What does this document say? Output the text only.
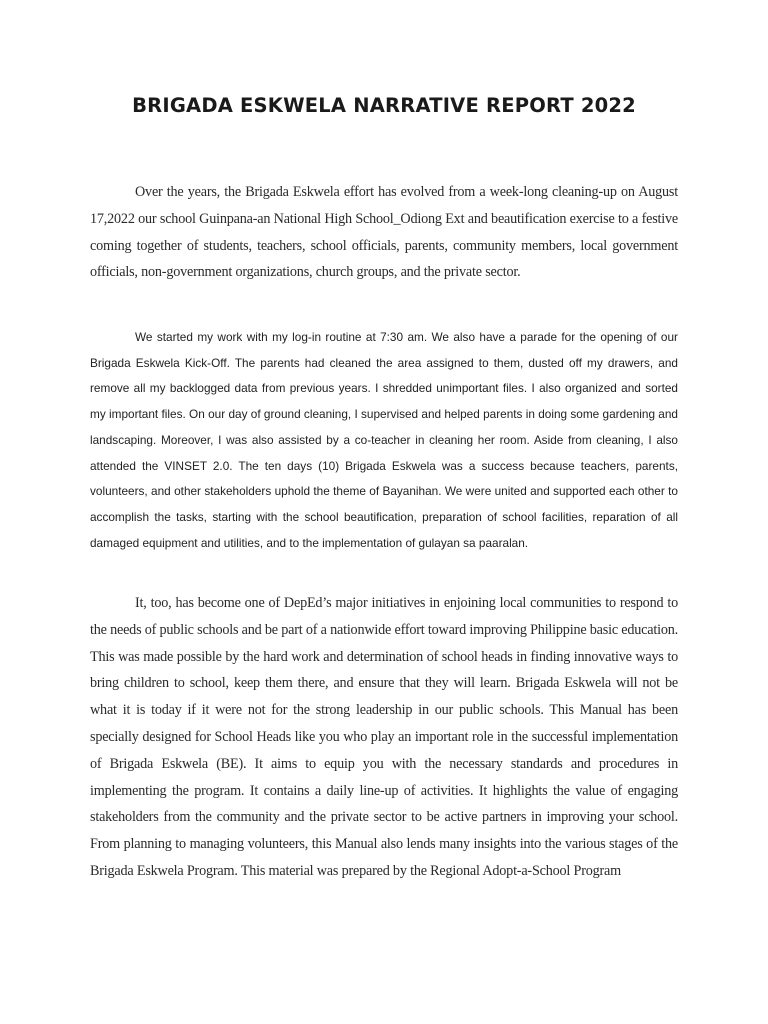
BRIGADA ESKWELA NARRATIVE REPORT 2022

Over the years, the Brigada Eskwela effort has evolved from a week-long cleaning-up on August 17,2022 our school Guinpana-an National High School_Odiong Ext and beautification exercise to a festive coming together of students, teachers, school officials, parents, community members, local government officials, non-government organizations, church groups, and the private sector.

We started my work with my log-in routine at 7:30 am. We also have a parade for the opening of our Brigada Eskwela Kick-Off. The parents had cleaned the area assigned to them, dusted off my drawers, and remove all my backlogged data from previous years. I shredded unimportant files. I also organized and sorted my important files. On our day of ground cleaning, I supervised and helped parents in doing some gardening and landscaping. Moreover, I was also assisted by a co-teacher in cleaning her room. Aside from cleaning, I also attended the VINSET 2.0. The ten days (10) Brigada Eskwela was a success because teachers, parents, volunteers, and other stakeholders uphold the theme of Bayanihan. We were united and supported each other to accomplish the tasks, starting with the school beautification, preparation of school facilities, reparation of all damaged equipment and utilities, and to the implementation of gulayan sa paaralan.

It, too, has become one of DepEd’s major initiatives in enjoining local communities to respond to the needs of public schools and be part of a nationwide effort toward improving Philippine basic education. This was made possible by the hard work and determination of school heads in finding innovative ways to bring children to school, keep them there, and ensure that they will learn. Brigada Eskwela will not be what it is today if it were not for the strong leadership in our public schools. This Manual has been specially designed for School Heads like you who play an important role in the successful implementation of Brigada Eskwela (BE). It aims to equip you with the necessary standards and procedures in implementing the program. It contains a daily line-up of activities. It highlights the value of engaging stakeholders from the community and the private sector to be active partners in improving your school. From planning to managing volunteers, this Manual also lends many insights into the various stages of the Brigada Eskwela Program. This material was prepared by the Regional Adopt-a-School Program
